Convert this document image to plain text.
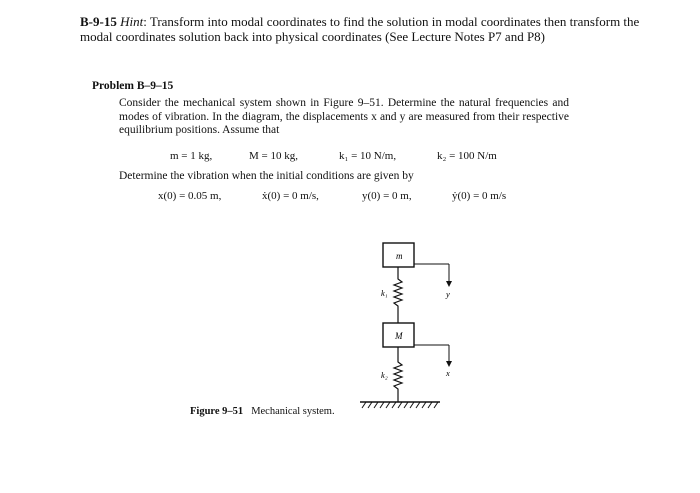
B-9-15 Hint: Transform into modal coordinates to find the solution in modal coordinates then transform the modal coordinates solution back into physical coordinates (See Lecture Notes P7 and P8)
Problem B–9–15
Consider the mechanical system shown in Figure 9–51. Determine the natural frequencies and modes of vibration. In the diagram, the displacements x and y are measured from their respective equilibrium positions. Assume that
m = 1 kg,	M = 10 kg,	k₁ = 10 N/m,	k₂ = 100 N/m
Determine the vibration when the initial conditions are given by
x(0) = 0.05 m,	ẋ(0) = 0 m/s,	y(0) = 0 m,	ẏ(0) = 0 m/s
m
k₁
M
k₂
y
x
Figure 9–51 Mechanical system.
